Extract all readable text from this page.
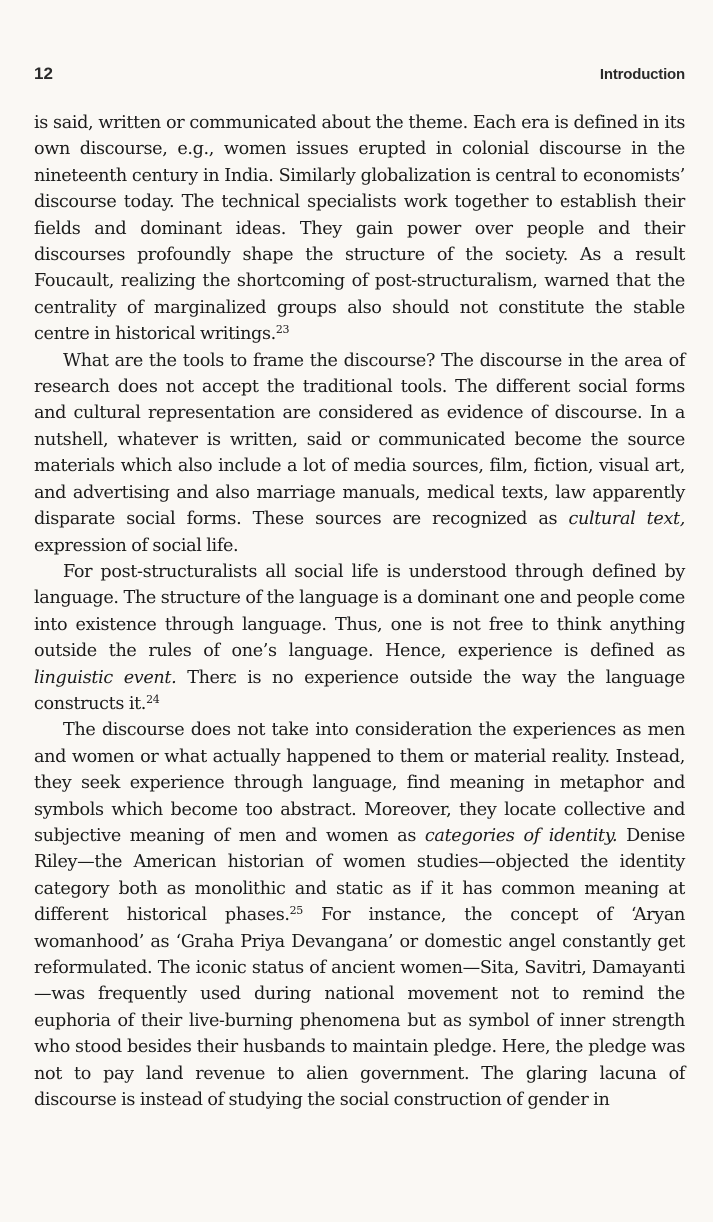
12	Introduction

is said, written or communicated about the theme. Each era is defined in its own discourse, e.g., women issues erupted in colonial discourse in the nineteenth century in India. Similarly globalization is central to economists’ discourse today. The technical specialists work together to establish their fields and dominant ideas. They gain power over people and their discourses profoundly shape the structure of the society. As a result Foucault, realizing the shortcoming of post-structuralism, warned that the centrality of marginalized groups also should not constitute the stable centre in historical writings.$^{23}$

What are the tools to frame the discourse? The discourse in the area of research does not accept the traditional tools. The different social forms and cultural representation are considered as evidence of discourse. In a nutshell, whatever is written, said or communicated become the source materials which also include a lot of media sources, film, fiction, visual art, and advertising and also marriage manuals, medical texts, law apparently disparate social forms. These sources are recognized as cultural text, expression of social life.

For post-structuralists all social life is understood through defined by language. The structure of the language is a dominant one and people come into existence through language. Thus, one is not free to think anything outside the rules of one’s language. Hence, experience is defined as linguistic event. Therε is no experience outside the way the language constructs it.$^{24}$

The discourse does not take into consideration the experiences as men and women or what actually happened to them or material reality. Instead, they seek experience through language, find meaning in metaphor and symbols which become too abstract. Moreover, they locate collective and subjective meaning of men and women as categories of identity. Denise Riley—the American historian of women studies—objected the identity category both as monolithic and static as if it has common meaning at different historical phases.$^{25}$ For instance, the concept of ‘Aryan womanhood’ as ‘Graha Priya Devangana’ or domestic angel constantly get reformulated. The iconic status of ancient women—Sita, Savitri, Damayanti—was frequently used during national movement not to remind the euphoria of their live-burning phenomena but as symbol of inner strength who stood besides their husbands to maintain pledge. Here, the pledge was not to pay land revenue to alien government. The glaring lacuna of discourse is instead of studying the social construction of gender in
